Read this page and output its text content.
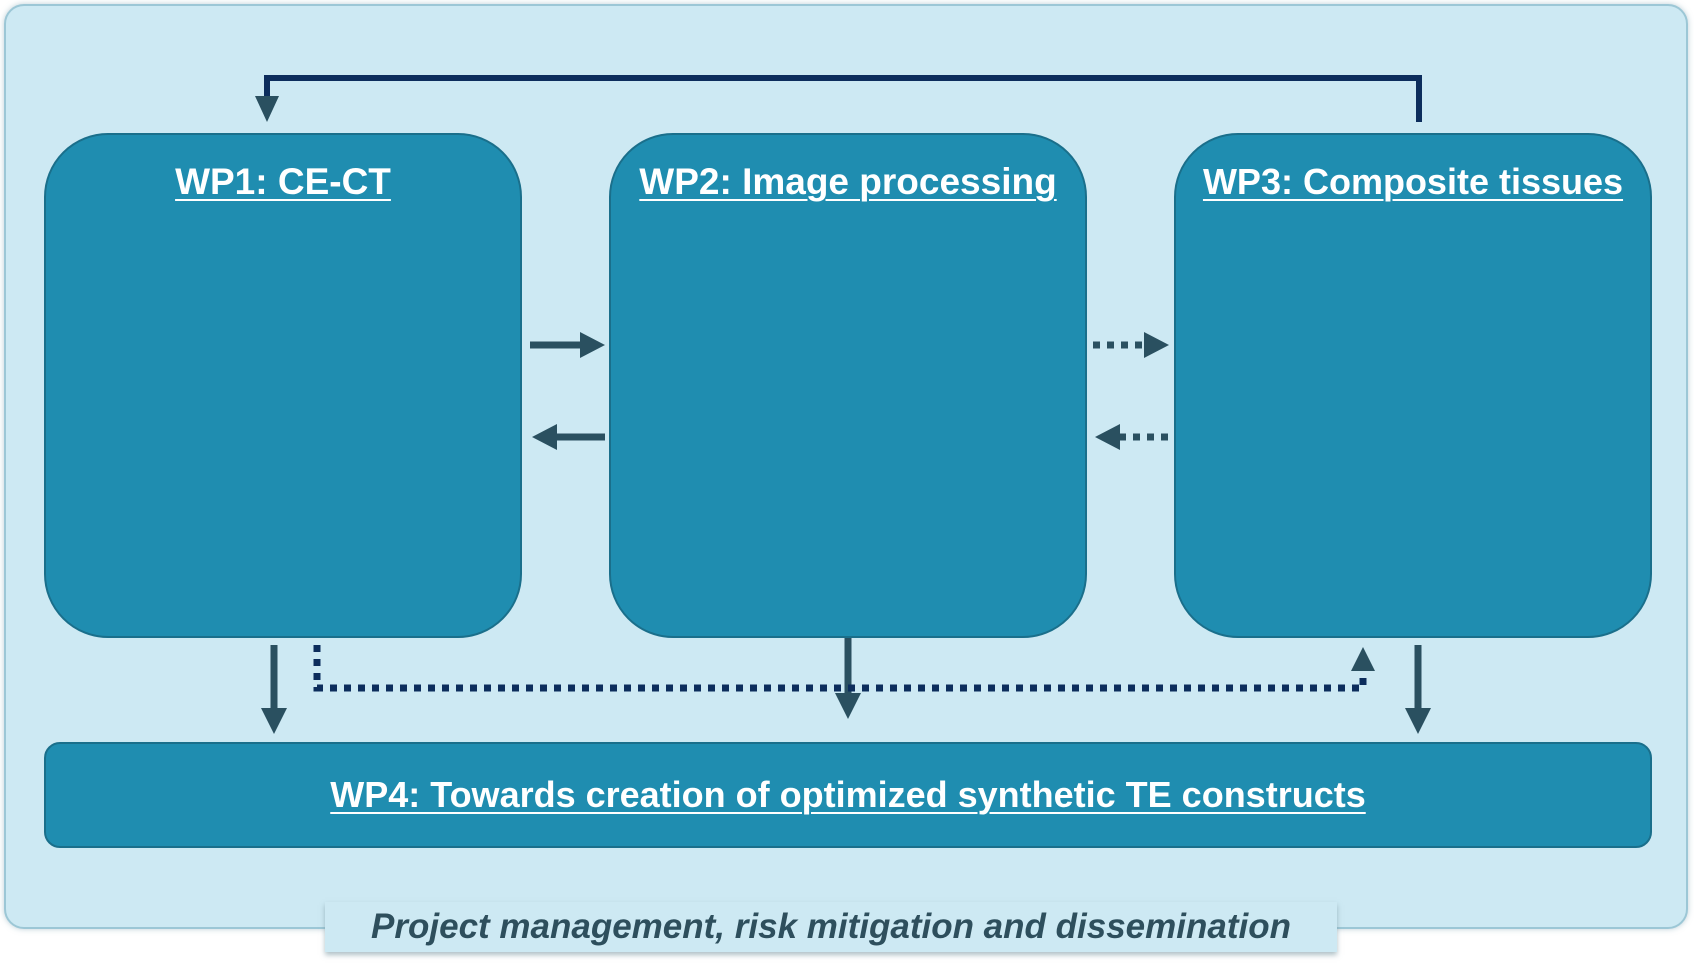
WP1: CE-CT	WP2: Image processing	WP3: Composite tissues
WP4: Towards creation of optimized synthetic TE constructs
Project management, risk mitigation and dissemination
